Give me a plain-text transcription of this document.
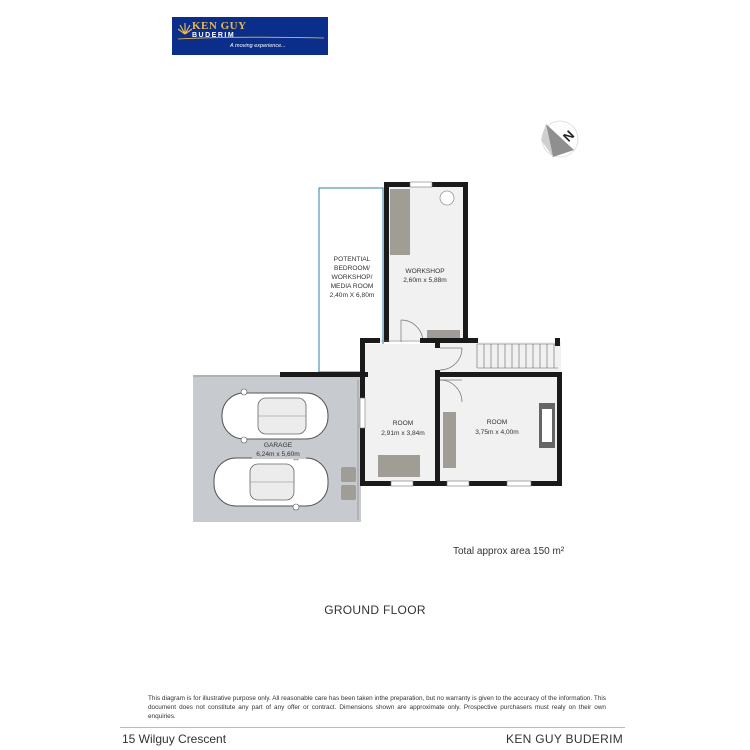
KEN GUY
BUDERIM
A moving experience...
N
POTENTIAL
BEDROOM/
WORKSHOP/
MEDIA ROOM
2,40m X 6,80m
WORKSHOP
2,60m x 5,88m
ROOM
2,91m x 3,84m
ROOM
3,75m x 4,00m
GARAGE
6,24m x 5,60m
Total approx area 150 m²
GROUND FLOOR
This diagram is for illustrative purpose only. All reasonable care has been taken inthe preparation, but no warranty is given to the accuracy of the information. This document does not constitute any part of any offer or contract. Dimensions shown are approximate only. Prospective purchasers must realy on their own enquiries.
15 Wilguy Crescent	KEN GUY BUDERIM
